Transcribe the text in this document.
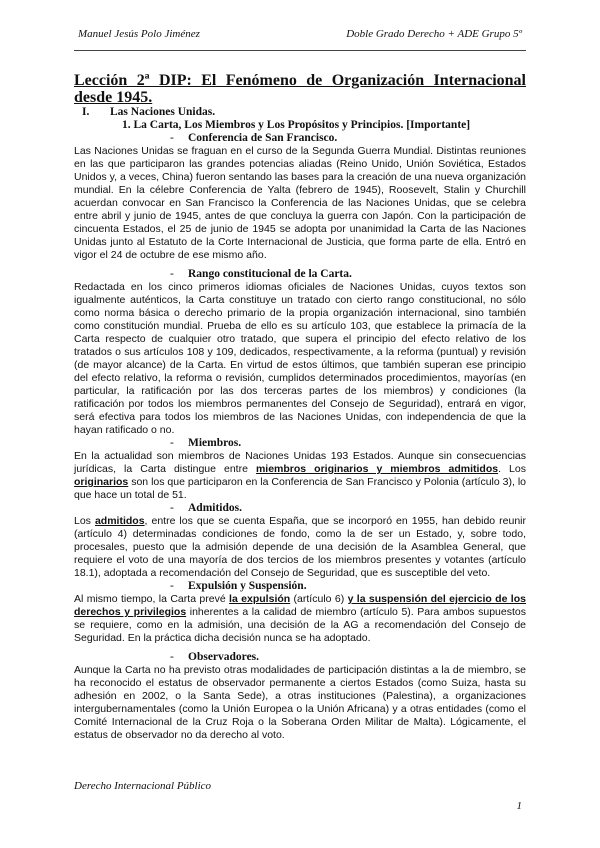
Manuel Jesús Polo Jiménez	Doble Grado Derecho + ADE Grupo 5º
Lección 2ª DIP: El Fenómeno de Organización Internacional desde 1945.
I. Las Naciones Unidas.
1. La Carta, Los Miembros y Los Propósitos y Principios. [Importante]
- Conferencia de San Francisco.

Las Naciones Unidas se fraguan en el curso de la Segunda Guerra Mundial. Distintas reuniones en las que participaron las grandes potencias aliadas (Reino Unido, Unión Soviética, Estados Unidos y, a veces, China) fueron sentando las bases para la creación de una nueva organización mundial. En la célebre Conferencia de Yalta (febrero de 1945), Roosevelt, Stalin y Churchill acuerdan convocar en San Francisco la Conferencia de las Naciones Unidas, que se celebra entre abril y junio de 1945, antes de que concluya la guerra con Japón. Con la participación de cincuenta Estados, el 25 de junio de 1945 se adopta por unanimidad la Carta de las Naciones Unidas junto al Estatuto de la Corte Internacional de Justicia, que forma parte de ella. Entró en vigor el 24 de octubre de ese mismo año.

- Rango constitucional de la Carta.

Redactada en los cinco primeros idiomas oficiales de Naciones Unidas, cuyos textos son igualmente auténticos, la Carta constituye un tratado con cierto rango constitucional, no sólo como norma básica o derecho primario de la propia organización internacional, sino también como constitución mundial. Prueba de ello es su artículo 103, que establece la primacía de la Carta respecto de cualquier otro tratado, que supera el principio del efecto relativo de los tratados o sus artículos 108 y 109, dedicados, respectivamente, a la reforma (puntual) y revisión (de mayor alcance) de la Carta. En virtud de estos últimos, que también superan ese principio del efecto relativo, la reforma o revisión, cumplidos determinados procedimientos, mayorías (en particular, la ratificación por las dos terceras partes de los miembros) y condiciones (la ratificación por todos los miembros permanentes del Consejo de Seguridad), entrará en vigor, será efectiva para todos los miembros de las Naciones Unidas, con independencia de que la hayan ratificado o no.

- Miembros.

En la actualidad son miembros de Naciones Unidas 193 Estados. Aunque sin consecuencias jurídicas, la Carta distingue entre miembros originarios y miembros admitidos. Los originarios son los que participaron en la Conferencia de San Francisco y Polonia (artículo 3), lo que hace un total de 51.

- Admitidos.

Los admitidos, entre los que se cuenta España, que se incorporó en 1955, han debido reunir (artículo 4) determinadas condiciones de fondo, como la de ser un Estado, y, sobre todo, procesales, puesto que la admisión depende de una decisión de la Asamblea General, que requiere el voto de una mayoría de dos tercios de los miembros presentes y votantes (artículo 18.1), adoptada a recomendación del Consejo de Seguridad, que es susceptible del veto.

- Expulsión y Suspensión.

Al mismo tiempo, la Carta prevé la expulsión (artículo 6) y la suspensión del ejercicio de los derechos y privilegios inherentes a la calidad de miembro (artículo 5). Para ambos supuestos se requiere, como en la admisión, una decisión de la AG a recomendación del Consejo de Seguridad. En la práctica dicha decisión nunca se ha adoptado.

- Observadores.

Aunque la Carta no ha previsto otras modalidades de participación distintas a la de miembro, se ha reconocido el estatus de observador permanente a ciertos Estados (como Suiza, hasta su adhesión en 2002, o la Santa Sede), a otras instituciones (Palestina), a organizaciones intergubernamentales (como la Unión Europea o la Unión Africana) y a otras entidades (como el Comité Internacional de la Cruz Roja o la Soberana Orden Militar de Malta). Lógicamente, el estatus de observador no da derecho al voto.

Derecho Internacional Público
1
